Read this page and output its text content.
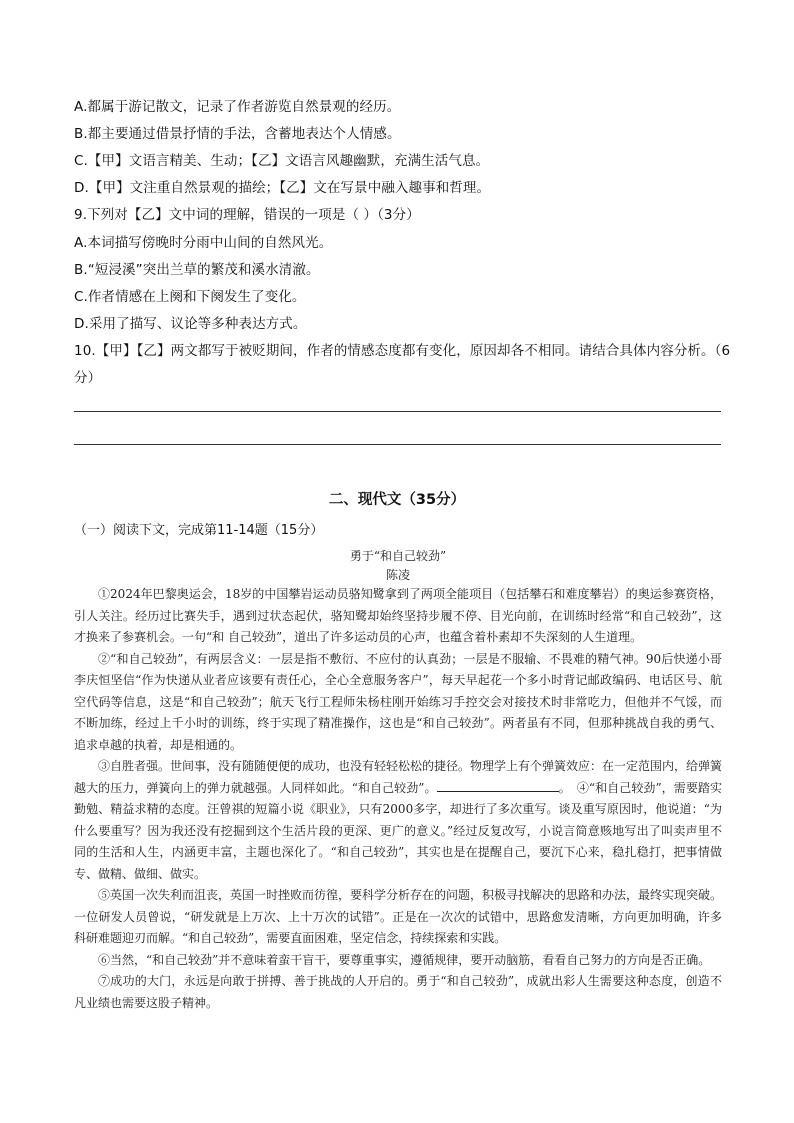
A.都属于游记散文，记录了作者游览自然景观的经历。
B.都主要通过借景抒情的手法，含蓄地表达个人情感。
C.【甲】文语言精美、生动；【乙】文语言风趣幽默，充满生活气息。
D.【甲】文注重自然景观的描绘；【乙】文在写景中融入趣事和哲理。
9.下列对【乙】文中词的理解，错误的一项是（ ）（3分）
A.本词描写傍晚时分雨中山间的自然风光。
B.“短浸溪”突出兰草的繁茂和溪水清澈。
C.作者情感在上阕和下阕发生了变化。
D.采用了描写、议论等多种表达方式。
10.【甲】【乙】两文都写于被贬期间，作者的情感态度都有变化，原因却各不相同。请结合具体内容分析。（6分）
二、现代文（35分）
（一）阅读下文，完成第11-14题（15分）
勇于“和自己较劲”
陈凌

①2024年巴黎奥运会，18岁的中国攀岩运动员骆知鹭拿到了两项全能项目（包括攀石和难度攀岩）的奥运参赛资格，引人关注。经历过比赛失手，遇到过状态起伏，骆知鹭却始终坚持步履不停、目光向前，在训练时经常“和自己较劲”，这才换来了参赛机会。一句“和 自己较劲”，道出了许多运动员的心声，也蕴含着朴素却不失深刻的人生道理。

②“和自己较劲”，有两层含义：一层是指不敷衍、不应付的认真劲；一层是不服输、不畏难的精气神。90后快递小哥李庆恒坚信“作为快递从业者应该要有责任心，全心全意服务客户”，每天早起花一个多小时背记邮政编码、电话区号、航空代码等信息，这是“和自己较劲”；航天飞行工程师朱杨柱刚开始练习手控交会对接技术时非常吃力，但他并不气馁，而不断加练，经过上千小时的训练，终于实现了精准操作，这也是“和自己较劲”。两者虽有不同，但那种挑战自我的勇气、追求卓越的执着，却是相通的。

③自胜者强。世间事，没有随随便便的成功，也没有轻轻松松的捷径。物理学上有个弹簧效应：在一定范围内，给弹簧越大的压力，弹簧向上的弹力就越强。人同样如此。“和自己较劲”。	。　④“和自己较劲”，需要踏实勤勉、精益求精的态度。汪曾祺的短篇小说《职业》，只有2000多字，却进行了多次重写。谈及重写原因时，他说道：“为什么要重写？因为我还没有挖掘到这个生活片段的更深、更广的意义。”经过反复改写，小说言简意赅地写出了叫卖声里不同的生活和人生，内涵更丰富，主题也深化了。“和自己较劲”，其实也是在提醒自己，要沉下心来，稳扎稳打，把事情做专、做精、做细、做实。

⑤英国一次失利而沮丧，英国一时挫败而彷徨，要科学分析存在的问题，积极寻找解决的思路和办法，最终实现突破。一位研发人员曾说，“研发就是上万次、上十万次的试错”。正是在一次次的试错中，思路愈发清晰，方向更加明确，许多科研难题迎刃而解。“和自己较劲”，需要直面困难，坚定信念，持续探索和实践。

⑥当然，“和自己较劲”并不意味着蛮干盲干，要尊重事实，遵循规律，要开动脑筋，看看自己努力的方向是否正确。

⑦成功的大门，永远是向敢于拼搏、善于挑战的人开启的。勇于“和自己较劲”，成就出彩人生需要这种态度，创造不凡业绩也需要这股子精神。
